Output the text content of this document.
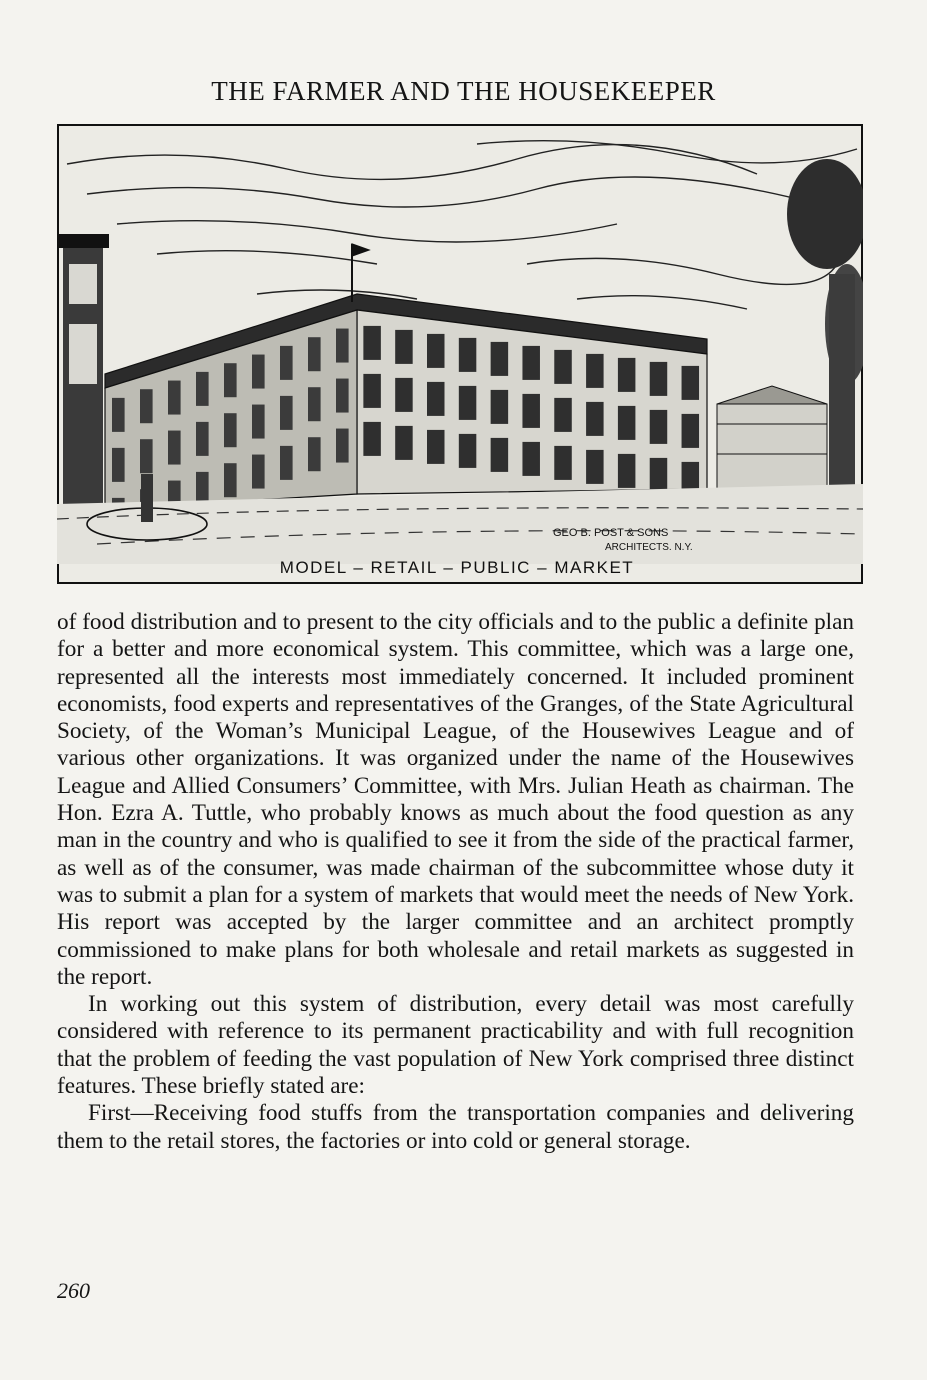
THE FARMER AND THE HOUSEKEEPER
GEO B. POST & SONS
ARCHITECTS. N.Y.
MODEL – RETAIL – PUBLIC – MARKET

of food distribution and to present to the city officials and to the public a definite plan for a better and more economical system. This committee, which was a large one, represented all the interests most immediately concerned. It included prominent economists, food experts and representatives of the Granges, of the State Agricultural Society, of the Woman’s Municipal League, of the Housewives League and of various other organizations. It was organized under the name of the Housewives League and Allied Consumers’ Committee, with Mrs. Julian Heath as chairman. The Hon. Ezra A. Tuttle, who probably knows as much about the food question as any man in the country and who is qualified to see it from the side of the practical farmer, as well as of the consumer, was made chairman of the subcommittee whose duty it was to submit a plan for a system of markets that would meet the needs of New York. His report was accepted by the larger committee and an architect promptly commissioned to make plans for both wholesale and retail markets as suggested in the report.

In working out this system of distribution, every detail was most carefully considered with reference to its permanent practicability and with full recognition that the problem of feeding the vast population of New York comprised three distinct features. These briefly stated are:

First—Receiving food stuffs from the transportation companies and delivering them to the retail stores, the factories or into cold or general storage.

260
